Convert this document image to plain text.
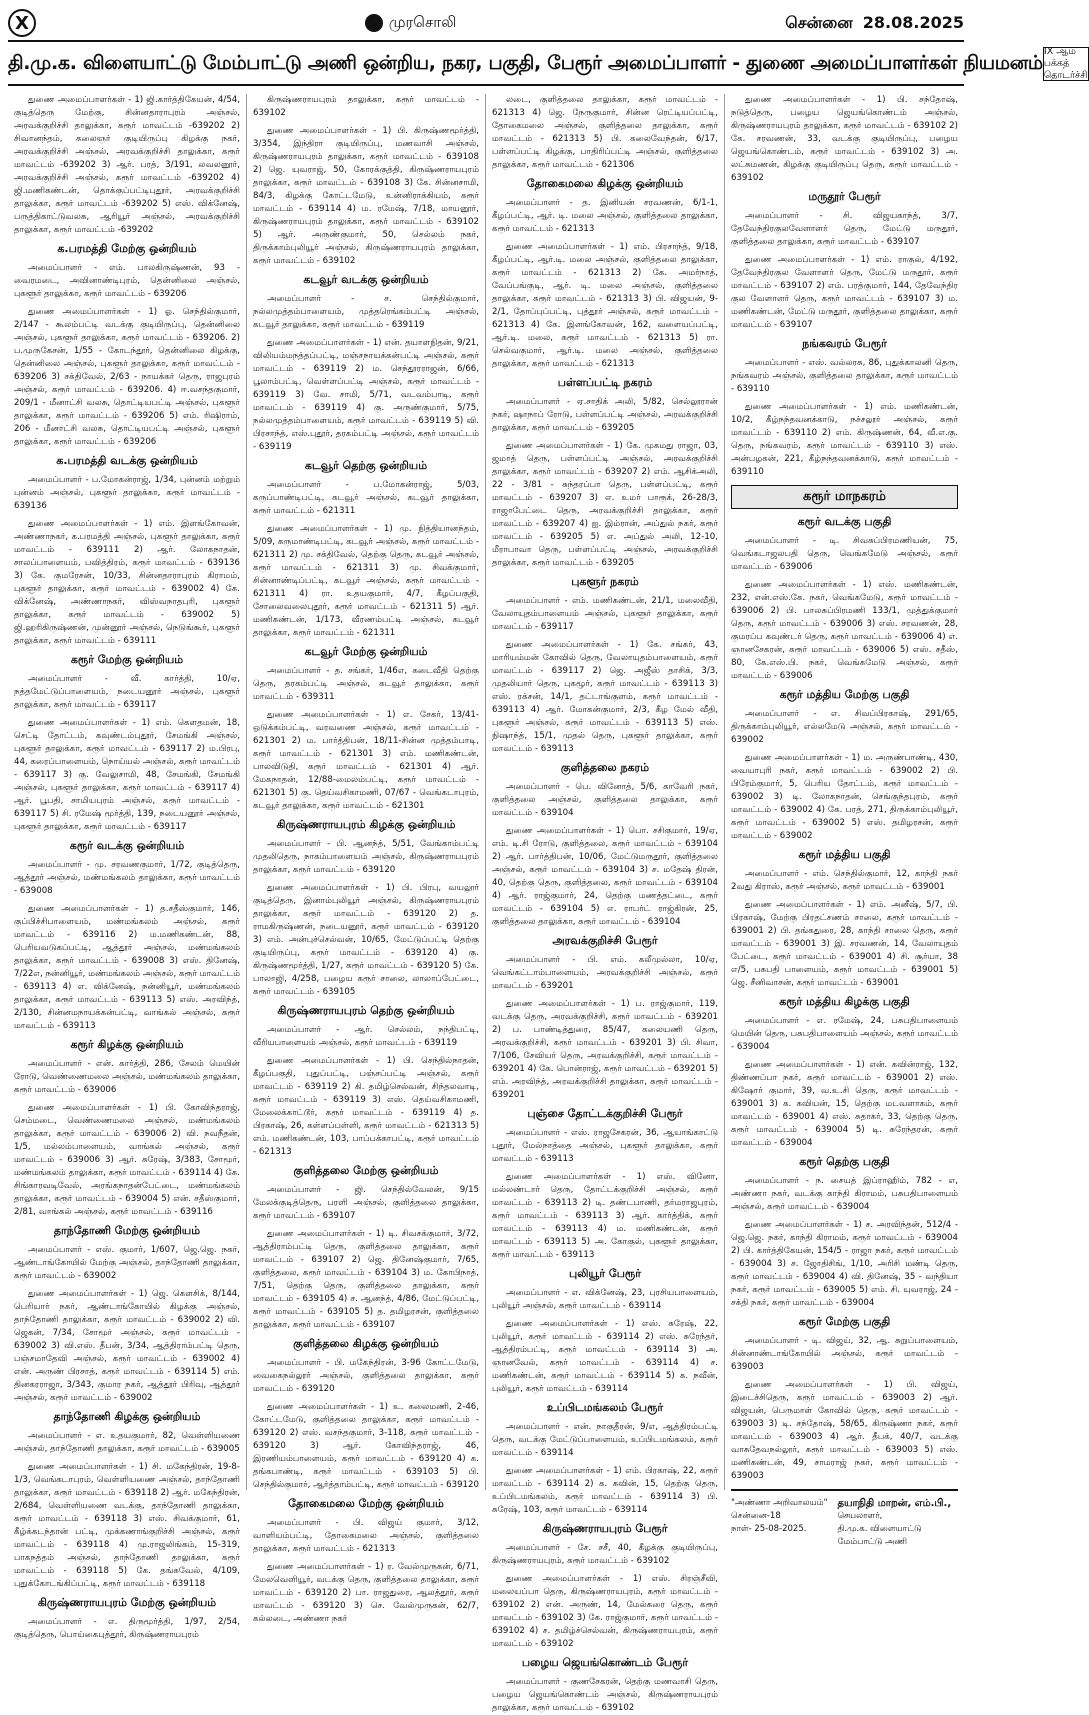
X	முரசொலி	சென்னை 28.08.2025
தி.மு.க. விளையாட்டு மேம்பாட்டு அணி ஒன்றிய, நகர, பகுதி, பேரூர் அமைப்பாளர் - துணை அமைப்பாளர்கள் நியமனம் IX ஆம் பக்கத்
தொடர்ச்சி

துணை அமைப்பாளர்கள் - 1) ஜி.கார்த்திகேயன், 4/54, குடித்தெரு மேற்கு, சின்னதாராபுரம் அஞ்சல், அரவக்குறிச்சி தாலுக்கா, கரூர் மாவட்டம் -639202 2) சிவானந்தம், கலைஞர் குடியிருப்பு கிழக்கு நகர், அரவக்குறிச்சி அஞ்சல், அரவக்குறிச்சி தாலுக்கா, கரூர் மாவட்டம் -639202 3) ஆர். பரத், 3/191, லவலனூர், அரவக்குறிச்சி அஞ்சல், கரூர் மாவட்டம் -639202 4) ஜி.மணிகண்டன், தொக்குப்பட்டிபுதூர், அரவக்குறிச்சி தாலுக்கா, கரூர் மாவட்டம் -639202 5) எஸ். விக்னேஷ், பருத்திகாட்டுவலசு, ஆரியூர் அஞ்சல், அரவக்குறிச்சி தாலுக்கா, கரூர் மாவட்டம் -639202

க.பரமத்தி மேற்கு ஒன்றியம்

அமைப்பாளர் - எம். பாலகிருஷ்ணன், 93 - வைரமடை, அவினாண்டிபுரம், தென்னிலை அஞ்சல், புகளூர் தாலுக்கா, கரூர் மாவட்டம் - 639206

துணை அமைப்பாளர்கள் - 1) ஓ. செந்தில்குமார், 2/147 - கூலம்பட்டி வடக்கு குடியிருப்பு, தென்னிலை அஞ்சல், புகளூர் தாலுக்கா, கரூர் மாவட்டம் - 639206. 2) ப.முருகேசன், 1/55 - கோடந்தூர், தென்னிலை கிழக்கு, தென்னிலை அஞ்சல், புகளூர் தாலுக்கா, கரூர் மாவட்டம் - 639206 3) சக்திவேல், 2/63 - நாயக்கர் தெரு, ராஜபுரம் அஞ்சல், கரூர் மாவட்டம் - 639206. 4) ஈ.வசந்தகுமார், 209/1 - மீனாட்சி வலசு, தொட்டியபட்டி அஞ்சல், புகளூர் தாலுக்கா, கரூர் மாவட்டம் - 639206 5) எம். ரிஷிராம், 206 - மீனாட்சி வலசு, தொட்டியபட்டி அஞ்சல், புகளூர் தாலுக்கா, கரூர் மாவட்டம் - 639206

க.பரமத்தி வடக்கு ஒன்றியம்

அமைப்பாளர் - ப.மோகன்ராஜ், 1/34, புன்னம் மற்றும் புன்னம் அஞ்சல், புகளூர் தாலுக்கா, கரூர் மாவட்டம் - 639136

துணை அமைப்பாளர்கள் - 1) எம். இளங்கோவன், அண்ணாநகர், க.பரமத்தி அஞ்சல், புகளூர் தாலுக்கா, கரூர் மாவட்டம் - 639111 2) ஆர். லோகநாதன், சாலப்பாளையம், பவித்திரம், கரூர் மாவட்டம் - 639136 3) கே. குமரேசன், 10/33, சின்னதாராபுரம் கிராமம், புகளூர் தாலுக்கா, கரூர் மாவட்டம் - 639002 4) கே. விக்னேஷ், அண்ணாநகர், விஸ்வநாதபுரி, புகளூர் தாலுக்கா, கரூர் மாவட்டம் - 639002 5) ஜி.ஹரிகிருஷ்ணன், முன்னூர் அஞ்சல், நெடுங்கூர், புகளூர் தாலுக்கா, கரூர் மாவட்டம் - 639111

கரூர் மேற்கு ஒன்றியம்

அமைப்பாளர் - வீ. கார்த்தி, 10/ஏ, நத்தமேட்டுப்பாளையம், நடையனூர் அஞ்சல், புகளூர் தாலுக்கா, கரூர் மாவட்டம் - 639117

துணை அமைப்பாளர்கள் - 1) எம். கௌதமன், 18, செட்டி தோட்டம், கவுண்டம்புதூர், சேமங்கி அஞ்சல், புகளூர் தாலுக்கா, கரூர் மாவட்டம் - 639117 2) ம.பிரபு, 44, கரைப்பாளையம், நொய்யல் அஞ்சல், கரூர் மாவட்டம் - 639117 3) கு. வேலுசாமி, 48, சேமங்கி, சேமங்கி அஞ்சல், புகளூர் தாலுக்கா, கரூர் மாவட்டம் - 639117 4) ஆர். பூபதி, சாமியபுரம் அஞ்சல், கரூர் மாவட்டம் - 639117 5) சி. ரமேஷ் மூர்த்தி, 139, நடையனூர் அஞ்சல், புகளூர் தாலுக்கா, கரூர் மாவட்டம் - 639117

கரூர் வடக்கு ஒன்றியம்

அமைப்பாளர் - மு. சரவணகுமார், 1/72, குடித்தெரு, ஆத்தூர் அஞ்சல், மண்மங்கலம் தாலுக்கா, கரூர் மாவட்டம் - 639008

துணை அமைப்பாளர்கள் - 1) த.சதீஸ்குமார், 146, குப்பிச்சிபாளையம், மண்மங்கலம் அஞ்சல், கரூர் மாவட்டம் - 639116 2) ம.மணிகண்டன், 88, பெரியவடுகப்பட்டி, ஆத்தூர் அஞ்சல், மண்மங்கலம் தாலுக்கா, கரூர் மாவட்டம் - 639008 3) எஸ். தினேஷ், 7/22எ, நன்னியூர், மண்மங்கலம் அஞ்சல், கரூர் மாவட்டம் - 639113 4) எ. விக்னேஷ், நன்னியூர், மண்மங்கலம் தாலுக்கா, கரூர் மாவட்டம் - 639113 5) எஸ். அரவிந்த், 2/130, சின்னமநாயக்கன்பட்டி, வாங்கல் அஞ்சல், கரூர் மாவட்டம் - 639113

கரூர் கிழக்கு ஒன்றியம்

அமைப்பாளர் - என். கார்த்தி, 286, சேலம் மெயின் ரோடு, வெண்ணைமலை அஞ்சல், மண்மங்கலம் தாலுக்கா, கரூர் மாவட்டம் - 639006

துணை அமைப்பாளர்கள் - 1) பி. கோவிந்தராஜ், செம்மடை, வெண்ணைமலை அஞ்சல், மண்மங்கலம் தாலுக்கா, கரூர் மாவட்டம் - 639006 2) வி. நவநீதன், 1/5, மல்லம்பாளையம், வாங்கல் அஞ்சல், கரூர் மாவட்டம் - 639006 3) ஆர். சுரேஷ், 3/383, சோமூர், மண்மங்கலம் தாலுக்கா, கரூர் மாவட்டம் - 639114 4) கே. சிங்காரவடிவேல், அரங்கநாதன்பேட்டை, மண்மங்கலம் தாலுக்கா, கரூர் மாவட்டம் - 639004 5) என். சதீஸ்குமார், 2/81, வாங்கல் அஞ்சல், கரூர் மாவட்டம் - 639116

தாந்தோணி மேற்கு ஒன்றியம்

அமைப்பாளர் - எஸ். குமார், 1/607, ஜெ.ஜெ. நகர், ஆண்டாங்கோயில் மேற்கு அஞ்சல், தாந்தோணி தாலுக்கா, கரூர் மாவட்டம் - 639002

துணை அமைப்பாளர்கள் - 1) ஜெ. கௌசிக், 8/144, பெரியார் நகர், ஆண்டாங்கோயில் கிழக்கு அஞ்சல், தாந்தோணி தாலுக்கா, கரூர் மாவட்டம் - 639002 2) வி. ஜெகன், 7/34, சோமூர் அஞ்சல், கரூர் மாவட்டம் - 639002 3) வி.எஸ். தீபன், 3/34, ஆத்திராம்பட்டி தெரு, பஞ்சமாதேவி அஞ்சல், கரூர் மாவட்டம் - 639002 4) என். அருண் பிரசாத், கரூர் மாவட்டம் - 639114 5) எம். தினகரராஜா, 3/343, குமார நகர், ஆத்தூர் பிரிவு, ஆத்தூர் அஞ்சல், கரூர் மாவட்டம் - 639002

தாந்தோணி கிழக்கு ஒன்றியம்

அமைப்பாளர் - எ. உதயகுமார், 82, வெள்ளியணை அஞ்சல், தாந்தோணி தாலுக்கா, கரூர் மாவட்டம் - 639005

துணை அமைப்பாளர்கள் - 1) சி. மகேந்திரன், 19-8-1/3, வெங்கடாபுரம், வெள்ளியணை அஞ்சல், தாந்தோணி தாலுக்கா, கரூர் மாவட்டம் - 639118 2) ஆர். மகேந்திரன், 2/684, வெள்ளியணை வடக்கு, தாந்தோணி தாலுக்கா, கரூர் மாவட்டம் - 639118 3) எஸ். சிவக்குமார், 61, கீழ்க்கடந்தான் பட்டி, முக்கணாங்குறிச்சி அஞ்சல், கரூர் மாவட்டம் - 639118 4) மு.ராஜலிங்கம், 15-319, பாகநத்தம் அஞ்சல், தாந்தோணி தாலுக்கா, கரூர் மாவட்டம் - 639118 5) கே. தங்கவேல், 4/109, புதுக்கோடங்கிப்பட்டி, கரூர் மாவட்டம் - 639118

கிருஷ்ணராயபுரம் மேற்கு ஒன்றியம்

அமைப்பாளர் - எ. திருமூர்த்தி, 1/97, 2/54, குடித்தெரு, பொய்கைபுத்தூர், கிருஷ்ணராயபுரம்

கிருஷ்ணராயபுரம் தாலுக்கா, கரூர் மாவட்டம் - 639102

துணை அமைப்பாளர்கள் - 1) பி. கிருஷ்ணமூர்த்தி, 3/354, இந்திரா குடியிருப்பு, மணவாசி அஞ்சல், கிருஷ்ணராயபுரம் தாலுக்கா, கரூர் மாவட்டம் - 639108 2) ஜெ. யுவராஜ், 50, கோரக்குத்தி, கிருஷ்ணராயபுரம் தாலுக்கா, கரூர் மாவட்டம் - 639108 3) கே. சின்னசாமி, 84/3, கிழக்கு கோட்டமேடு, உன்னிராக்கியம், கரூர் மாவட்டம் - 639114 4) ம. ரமேஷ், 7/18, மாயனூர், கிருஷ்ணராயபுரம் தாலுக்கா, கரூர் மாவட்டம் - 639102 5) ஆர். அருண்குமார், 50, செல்லம் நகர், திருக்காம்புலியூர் அஞ்சல், கிருஷ்ணராயபுரம் தாலுக்கா, கரூர் மாவட்டம் - 639102

கடவூர் வடக்கு ஒன்றியம்

அமைப்பாளர் - ச. செந்தில்குமார், நல்லமுத்தம்பாளையம், முத்தரெங்கம்பட்டி அஞ்சல், கடவூர் தாலுக்கா, கரூர் மாவட்டம் - 639119

துணை அமைப்பாளர்கள் - 1) என். தயாளநிதன், 9/21, விலியம்மநத்தப்பட்டி, மஞ்சநாயக்கன்பட்டி அஞ்சல், கரூர் மாவட்டம் - 639119 2) ம. செந்தூரராஜன், 6/66, பூலாம்பட்டி, வெள்ளப்பட்டி அஞ்சல், கரூர் மாவட்டம் - 639119 3) வே. சாமி, 5/71, வடவம்பாடி, கரூர் மாவட்டம் - 639119 4) கு. அருண்குமார், 5/75, நல்லமுத்தம்பாளையம், கரூர் மாவட்டம் - 639119 5) வி. பிரசாந்த், எஸ்.புதூர், தரகம்பட்டி அஞ்சல், கரூர் மாவட்டம் - 639119

கடவூர் தெற்கு ஒன்றியம்

அமைப்பாளர் - ப.மோகன்ராஜ், 5/03, கருப்பாண்டிபட்டி, கடவூர் அஞ்சல், கடவூர் தாலுக்கா, கரூர் மாவட்டம் - 621311

துணை அமைப்பாளர்கள் - 1) மு. நித்தியானந்தம், 5/09, கருமாண்டிபட்டி, கடவூர் அஞ்சல், கரூர் மாவட்டம் - 621311 2) மு. சக்திவேல், தெற்கு தெரு, கடவூர் அஞ்சல், கரூர் மாவட்டம் - 621311 3) மு. சிவக்குமார், சின்னாண்டிப்பட்டி, கடவூர் அஞ்சல், கரூர் மாவட்டம் - 621311 4) ரா. உதயகுமார், 4/7, கீழப்பகுதி, சோலைவலைபுதூர், கரூர் மாவட்டம் - 621311 5) ஆர். மணிகண்டன், 1/173, வீரணம்பட்டி அஞ்சல், கடவூர் தாலுக்கா, கரூர் மாவட்டம் - 621311

கடவூர் மேற்கு ஒன்றியம்

அமைப்பாளர் - த. சங்கர், 1/46எ, கடைவீதி தெற்கு தெரு, தரகம்பட்டி அஞ்சல், கடவூர் தாலுக்கா, கரூர் மாவட்டம் - 639311

துணை அமைப்பாளர்கள் - 1) எ. சேகர், 13/41-ஒடுக்கம்பட்டி, வரவணை அஞ்சல், கரூர் மாவட்டம் - 621301 2) ம. பார்த்திபன், 18/11-சின்ன முத்தம்பாடி, கரூர் மாவட்டம் - 621301 3) எம். மணிகண்டன், பாலவிடுதி, கரூர் மாவட்டம் - 621301 4) ஆர். மேகநாதன், 12/88-மைலம்பட்டி, கரூர் மாவட்டம் - 621301 5) கு. தெய்வசிகாமணி, 07/67 - வெங்கடாபுரம், கடவூர் தாலுக்கா, கரூர் மாவட்டம் - 621301

கிருஷ்ணராயபுரம் கிழக்கு ஒன்றியம்

அமைப்பாளர் - பி. ஆனந்த், 5/51, வேங்காம்பட்டி முதலிதெரு, நாகம்பாளையம் அஞ்சல், கிருஷ்ணராயபுரம் தாலுக்கா, கரூர் மாவட்டம் - 639120

துணை அமைப்பாளர்கள் - 1) பி. பிரபு, வயலூர் குடித்தெரு, இனாம்புலியூர் அஞ்சல், கிருஷ்ணராயபுரம் தாலுக்கா, கரூர் மாவட்டம் - 639120 2) த. ராமகிருஷ்ணன், நடையனூர், கரூர் மாவட்டம் - 639120 3) எம். அன்புச்செல்வன், 10/65, மேட்டுப்பட்டி தெற்கு குடியிருப்பு, கரூர் மாவட்டம் - 639120 4) கு. கிருஷ்ணமூர்த்தி, 1/27, கரூர் மாவட்டம் - 639120 5) கே. பாலாஜி, 4/258, பழைய கரூர் சாலை, லாலாப்பேட்டை, கரூர் மாவட்டம் - 639105

கிருஷ்ணராயபுரம் தெற்கு ஒன்றியம்

அமைப்பாளர் - ஆர். செல்லம், நந்திபட்டி, வீரியபாளையம் அஞ்சல், கரூர் மாவட்டம் - 639119

துணை அமைப்பாளர்கள் - 1) பி. செந்தில்நாதன், கீழப்பகுதி, புதுப்பட்டி, பஞ்சப்பட்டி அஞ்சல், கரூர் மாவட்டம் - 639119 2) கி. தமிழ்செல்வன், சிந்தலவாடி, கரூர் மாவட்டம் - 639119 3) எஸ். தெய்வசிகாமணி, மேலைக்காட்டூர், கரூர் மாவட்டம் - 639119 4) த. பிரகாஷ், 26, கள்ளப்பள்ளி, கரூர் மாவட்டம் - 621313 5) எம். மணிகண்டன், 103, பாப்பக்காபட்டி, கரூர் மாவட்டம் - 621313

குளித்தலை மேற்கு ஒன்றியம்

அமைப்பாளர் - ஜி. செந்தில்வேலன், 9/15 மேலக்குடித்தெரு, பரளி அஞ்சல், குளித்தலை தாலுக்கா, கரூர் மாவட்டம் - 639107

துணை அமைப்பாளர்கள் - 1) டி. சிவசக்குமார், 3/72, ஆத்திராம்பட்டி தெரு, குளித்தலை தாலுக்கா, கரூர் மாவட்டம் - 639107 2) ஜெ. தினேஷ்குமார், 7/65, குளித்தலை, கரூர் மாவட்டம் - 639104 3) ம. கோபிநாத், 7/51, தெற்கு தெரு, குளித்தலை தாலுக்கா, கரூர் மாவட்டம் - 639105 4) ச. ஆனந்த், 4/86, மேட்டுப்பட்டி, கரூர் மாவட்டம் - 639105 5) த. தமிழரசன், குளித்தலை தாலுக்கா, கரூர் மாவட்டம் - 639107

குளித்தலை கிழக்கு ஒன்றியம்

அமைப்பாளர் - பி. மகேந்திரன், 3-96 கோட்டமேடு, வைகைநல்லூர் அஞ்சல், குளித்தலை தாலுக்கா, கரூர் மாவட்டம் - 639120

துணை அமைப்பாளர்கள் - 1) உ. கலைமணி, 2-46, கோட்டமேடு, குளித்தலை தாலுக்கா, கரூர் மாவட்டம் - 639120 2) எஸ். வசந்தகுமார், 3-118, கரூர் மாவட்டம் - 639120 3) ஆர். கோவிந்தராஜ், 46, இரணியம்பாளையம், கரூர் மாவட்டம் - 639120 4) க. தங்கபாண்டி, கரூர் மாவட்டம் - 639103 5) பி. செந்தில்குமார், ஆர்த்தாம்பட்டி, கரூர் மாவட்டம் - 639120

தோகைமலை மேற்கு ஒன்றியம்

அமைப்பாளர் - பி. விஜய் குமார், 3/12, வாளியம்பட்டி, தோகைமலை அஞ்சல், குளித்தலை தாலுக்கா, கரூர் மாவட்டம் - 621313

துணை அமைப்பாளர்கள் - 1) ர. வேல்முருகன், 6/71, மேலவெளியூர், வடக்கு தெரு, குளித்தலை தாலுக்கா, கரூர் மாவட்டம் - 639120 2) பா. ராஜதுரை, ஆலத்தூர், கரூர் மாவட்டம் - 639120 3) செ. வேல்முருகன், 62/7, கல்லடை, அண்ணா நகர்

லடை, குளித்தலை தாலுக்கா, கரூர் மாவட்டம் - 621313 4) ஜெ. நேருகுமார், சின்ன ரெட்டியப்பட்டி, தோகைமலை அஞ்சல், குளித்தலை தாலுக்கா, கரூர் மாவட்டம் - 621313 5) பி. கலைவேந்தன், 6/17, பள்ளப்பட்டி கிழக்கு, பாதிரிப்பட்டி அஞ்சல், குளித்தலை தாலுக்கா, கரூர் மாவட்டம் - 621306

தோகைமலை கிழக்கு ஒன்றியம்

அமைப்பாளர் - த. இனியன் சரவணன், 6/1-1, கீழப்பட்டி, ஆர். டி. மலை அஞ்சல், குளித்தலை தாலுக்கா, கரூர் மாவட்டம் - 621313

துணை அமைப்பாளர்கள் - 1) எம். பிரசாந்த், 9/18, கீழப்பட்டி, ஆர்.டி. மலை அஞ்சல், குளித்தலை தாலுக்கா, கரூர் மாவட்டம் - 621313 2) கே. அமர்நாத், வேப்பங்குடி, ஆர். டி. மலை அஞ்சல், குளித்தலை தாலுக்கா, கரூர் மாவட்டம் - 621313 3) பி. விஜயன், 9-2/1, தோப்புப்பட்டி, புத்தூர் அஞ்சல், கரூர் மாவட்டம் - 621313 4) கே. இளங்கோவன், 162, வளையப்பட்டி, ஆர்.டி. மலை, கரூர் மாவட்டம் - 621313 5) ரா. செல்வகுமார், ஆர்.டி. மலை அஞ்சல், குளித்தலை தாலுக்கா, கரூர் மாவட்டம் - 621313

பள்ளப்பட்டி நகரம்

அமைப்பாளர் - ஏ.சாதிக் அலி, 5/82, செல்லூரான் நகர், ஷாநாப் ரோடு, பள்ளப்பட்டி அஞ்சல், அரவக்குறிச்சி தாலுக்கா, கரூர் மாவட்டம் - 639205

துணை அமைப்பாளர்கள் - 1) கே. முகமது ராஜா, 03, ஜமாத் தெரு, பள்ளப்பட்டி அஞ்சல், அரவக்குறிச்சி தாலுக்கா, கரூர் மாவட்டம் - 639207 2) எம். ஆசிக்அலி, 22 - 3/81 - சுந்தரப்பா தெரு, பள்ளப்பட்டி, கரூர் மாவட்டம் - 639207 3) எ. உமர் பாரூக், 26-28/3, ராஜாபேட்டை தெரு, அரவக்குறிச்சி தாலுக்கா, கரூர் மாவட்டம் - 639207 4) ஐ. இம்ரான், அப்துல் நகர், கரூர் மாவட்டம் - 639205 5) எ. அப்துல் அலி, 12-10, மீராபாவா தெரு, பள்ளப்பட்டி அஞ்சல், அரவக்குறிச்சி தாலுக்கா, கரூர் மாவட்டம் - 639205

புகளூர் நகரம்

அமைப்பாளர் - எம். மணிகண்டன், 21/1, மலைவீதி, வேலாயுதம்பாளையம் அஞ்சல், புகளூர் தாலுக்கா, கரூர் மாவட்டம் - 639117

துணை அமைப்பாளர்கள் - 1) கே. சங்கர், 43, மாரியம்மன் கோவில் தெரு, வேலாயுதம்பாளையம், கரூர் மாவட்டம் - 639117 2) ஜெ. அஜீஸ் தாசிக், 3/3, முதலியார் தெரு, புகழூர், கரூர் மாவட்டம் - 639113 3) எஸ். ரக்சன், 14/1, தட்டாங்குளம், கரூர் மாவட்டம் - 639113 4) ஆர். மோகன்குமார், 2/3, கீழ மேல் வீதி, புகளூர் அஞ்சல், கரூர் மாவட்டம் - 639113 5) எஸ். நிஷாந்த், 15/1, முதல் தெரு, புகளூர் தாலுக்கா, கரூர் மாவட்டம் - 639113

குளித்தலை நகரம்

அமைப்பாளர் - பெ. வினோத், 5/6, காவேரி நகர், குளித்தலை அஞ்சல், குளித்தலை தாலுக்கா, கரூர் மாவட்டம் - 639104

துணை அமைப்பாளர்கள் - 1) பொ. சசிகுமார், 19/ஏ, எம். டி.சி ரோடு, குளித்தலை, கரூர் மாவட்டம் - 639104 2) ஆர். பார்த்திபன், 10/06, மேட்டுமருதூர், குளித்தலை அஞ்சல், கரூர் மாவட்டம் - 639104 3) ச. மதேஷ் திரன், 40, தெற்கு தெரு, குளித்தலை, கரூர் மாவட்டம் - 639104 4) ஆர். ராஜ்குமார், 24, தெற்கு மணத்தட்டை, கரூர் மாவட்டம் - 639104 5) எ. ராபர்ட் ராஜ்கிரன், 25, குளித்தலை தாலுக்கா, கரூர் மாவட்டம் - 639104

அரவக்குறிச்சி பேரூர்

அமைப்பாளர் - பி. எம். கலீமுல்லா, 10/ஏ, வெங்கட்டாம்பாளையம், அரவக்குறிச்சி அஞ்சல், கரூர் மாவட்டம் - 639201

துணை அமைப்பாளர்கள் - 1) ப. ராஜ்குமார், 119, வடக்கு தெரு, அரவக்குறிச்சி, கரூர் மாவட்டம் - 639201 2) ப. பாண்டித்துரை, 85/47, கலையணி தெரு, அரவக்குறிச்சி, கரூர் மாவட்டம் - 639201 3) பி. சிவா, 7/106, சேவியர் தெரு, அரவக்குறிச்சி, கரூர் மாவட்டம் - 639201 4) கே. பொன்ராஜ், கரூர் மாவட்டம் - 639201 5) எம். அரவிந்த், அரவக்குறிச்சி தாலுக்கா, கரூர் மாவட்டம் - 639201

புஞ்சை தோட்டக்குறிச்சி பேரூர்

அமைப்பாளர் - எஸ். ராஜசேகரன், 36, ஆயாங்காட்டு புதூர், மேல்நாத்தை அஞ்சல், புகளூர் தாலுக்கா, கரூர் மாவட்டம் - 639113

துணை அமைப்பாளர்கள் - 1) எஸ். வினோ, மல்லண்டார் தெரு, தோட்டக்குறிச்சி அஞ்சல், கரூர் மாவட்டம் - 639113 2) டி. தண்டபாணி, தர்மராஜபுரம், கரூர் மாவட்டம் - 639113 3) ஆர். கார்த்திக், கரூர் மாவட்டம் - 639113 4) ம. மணிகண்டன், கரூர் மாவட்டம் - 639113 5) அ. கோகுல், புகளூர் தாலுக்கா, கரூர் மாவட்டம் - 639113

புலியூர் பேரூர்

அமைப்பாளர் - எ. விக்னேஷ், 23, புரசியபாளையம், புலியூர் அஞ்சல், கரூர் மாவட்டம் - 639114

துணை அமைப்பாளர்கள் - 1) எஸ். சுரேஷ், 22, புலியூர், கரூர் மாவட்டம் - 639114 2) எஸ். சுரேந்தர், ஆத்திரம்பட்டி, கரூர் மாவட்டம் - 639114 3) அ. ஞானவேல், கரூர் மாவட்டம் - 639114 4) ச. மணிகண்டன், கரூர் மாவட்டம் - 639114 5) க. நவீன், புலியூர், கரூர் மாவட்டம் - 639114

உப்பிடமங்கலம் பேரூர்

அமைப்பாளர் - என். நாகுதீரன், 9/எ, ஆத்திரம்பட்டி தெரு, வடக்கு மேட்டுப்பாளையம், உப்பிடமங்கலம், கரூர் மாவட்டம் - 639114

துணை அமைப்பாளர்கள் - 1) எம். பிரகாஷ், 22, கரூர் மாவட்டம் - 639114 2) க. கவின், 15, தெற்கு தெரு, உப்பிடமங்கலம், கரூர் மாவட்டம் - 639114 3) பி. சுரேஷ், 103, கரூர் மாவட்டம் - 639114

கிருஷ்ணராயபுரம் பேரூர்

அமைப்பாளர் - சே. சசீ, 40, கீழக்கு குடியிருப்பு, கிருஷ்ணராயபுரம், கரூர் மாவட்டம் - 639102

துணை அமைப்பாளர்கள் - 1) எஸ். சிரஞ்சீவி, மலையப்பா தெரு, கிருஷ்ணராயபுரம், கரூர் மாவட்டம் - 639102 2) என். அருண், 14, மேல்கரை தெரு, கரூர் மாவட்டம் - 639102 3) கே. ராஜ்குமார், கரூர் மாவட்டம் - 639102 4) ச. தமிழ்ச்செல்வன், கிருஷ்ணராயபுரம், கரூர் மாவட்டம் - 639102

பழைய ஜெயங்கொண்டம் பேரூர்

அமைப்பாளர் - குணசேகரன், தெற்கு மணவாசி தெரு, பழைய ஜெயங்கொண்டம் அஞ்சல், கிருஷ்ணராயபுரம் தாலுக்கா, கரூர் மாவட்டம் - 639102

துணை அமைப்பாளர்கள் - 1) பி. சந்தோஷ், நடுத்தெரு, பழைய ஜெயங்கொண்டம் அஞ்சல், கிருஷ்ணராயபுரம் தாலுக்கா, கரூர் மாவட்டம் - 639102 2) கே. சரவணன், 33, வடக்கு குடியிருப்பு, பழைய ஜெயங்கொண்டம், கரூர் மாவட்டம் - 639102 3) அ. லட்சுமணன், கிழக்கு குடியிருப்பு தெரு, கரூர் மாவட்டம் - 639102

மருதூர் பேரூர்

அமைப்பாளர் - சி. விஜயகாந்த், 3/7, தேவேந்திரகுலவேளாளர் தெரு, மேட்டு மருதூர், குளித்தலை தாலுக்கா, கரூர் மாவட்டம் - 639107

துணை அமைப்பாளர்கள் - 1) எம். ராகுல், 4/192, தேவேந்திரகுல வேளாளர் தெரு, மேட்டு மருதூர், கரூர் மாவட்டம் - 639107 2) எம். பரத்குமார், 144, தேவேந்திர குல வேளாளர் தெரு, கரூர் மாவட்டம் - 639107 3) ம. மணிகண்டன், மேட்டு மருதூர், குளித்தலை தாலுக்கா, கரூர் மாவட்டம் - 639107

நங்கவரம் பேரூர்

அமைப்பாளர் - எஸ். வல்லரசு, 86, புதுக்காலனி தெரு, நங்கவரம் அஞ்சல், குளித்தலை தாலுக்கா, கரூர் மாவட்டம் - 639110

துணை அமைப்பாளர்கள் - 1) எம். மணிகண்டன், 10/2, கீழ்நந்தவனக்காடு, நச்சலூர் அஞ்சல், கரூர் மாவட்டம் - 639110 2) எம். கிருஷ்ணன், 64, வீ.எ.கு. தெரு, நங்கவரம், கரூர் மாவட்டம் - 639110 3) எஸ். அன்பழகன், 221, கீழ்நந்தவனக்காடு, கரூர் மாவட்டம் - 639110

கரூர் மாநகரம்
கரூர் வடக்கு பகுதி

அமைப்பாளர் - டி. சிவசுப்பிரமணியன், 75, வெங்கடாஜலபதி தெரு, வெங்கமேடு அஞ்சல், கரூர் மாவட்டம் - 639006

துணை அமைப்பாளர்கள் - 1) எஸ். மணிகண்டன், 232, என்.எஸ்.கே. நகர், வெங்கமேடு, கரூர் மாவட்டம் - 639006 2) பி. பாலசுப்பிரமணி 133/1, முத்துக்குமார் தெரு, கரூர் மாவட்டம் - 639006 3) எஸ். சரவணன், 28, குமரப்ப கவுண்டர் தெரு, கரூர் மாவட்டம் - 639006 4) எ. ஞானசேகரன், கரூர் மாவட்டம் - 639006 5) எஸ். சதீஸ், 80, கே.எஸ்.பி. நகர், வெங்கமேடு அஞ்சல், கரூர் மாவட்டம் - 639006

கரூர் மத்திய மேற்கு பகுதி

அமைப்பாளர் - எ. சிவப்பிரகாஷ், 291/65, திருக்காம்புலியூர், எல்லமேடு அஞ்சல், கரூர் மாவட்டம் - 639002

துணை அமைப்பாளர்கள் - 1) ம. அருண்பாண்டி, 430, வையாபுரி நகர், கரூர் மாவட்டம் - 639002 2) பி. பிரேம்குமார், 5, பெரிய தோட்டம், கரூர் மாவட்டம் - 639002 3) டி. லோகநாதன், செங்குந்தபுரம், கரூர் மாவட்டம் - 639002 4) கே. பரத், 271, திருக்காம்புலியூர், கரூர் மாவட்டம் - 639002 5) எஸ். தமிழரசன், கரூர் மாவட்டம் - 639002

கரூர் மத்திய பகுதி

அமைப்பாளர் - எம். செந்தில்குமார், 12, காந்தி நகர் 2வது கிராஸ், கரூர் அஞ்சல், கரூர் மாவட்டம் - 639001

துணை அமைப்பாளர்கள் - 1) எம். அனீஷ், 5/7, பி. பிரகாஷ், மேற்கு பிரதட்சணம் சாலை, கரூர் மாவட்டம் - 639001 2) பி. தங்கதுரை, 28, காந்தி சாலை தெரு, கரூர் மாவட்டம் - 639001 3) இ. சரவணன், 14, வேலாயுதம் பேட்டை, கரூர் மாவட்டம் - 639001 4) சி. சூர்யா, 38 எ/5, பசுபதி பாளையம், கரூர் மாவட்டம் - 639001 5) ஜெ. சீனிவாசன், கரூர் மாவட்டம் - 639001

கரூர் மத்திய கிழக்கு பகுதி

அமைப்பாளர் - எ. ரமேஷ், 24, பசுபதிபாளையம் மெயின் தெரு, பசுபதிபாளையம் அஞ்சல், கரூர் மாவட்டம் - 639004

துணை அமைப்பாளர்கள் - 1) என். கவின்ராஜ், 132, திண்ணப்பா நகர், கரூர் மாவட்டம் - 639001 2) எஸ். கிஷோர் குமார், 39, வ.உ.சி தெரு, கரூர் மாவட்டம் - 639001 3) க. கவியன், 15, தெற்கு மடவளாகம், கரூர் மாவட்டம் - 639001 4) எஸ். சுதாகர், 33, தெற்கு தெரு, கரூர் மாவட்டம் - 639004 5) டி. சுரேந்தரன், கரூர் மாவட்டம் - 639004

கரூர் தெற்கு பகுதி

அமைப்பாளர் - ந. சையத் இப்ராஹிம், 782 - எ, அண்ணா நகர், வடக்கு காந்தி கிராமம், பசுபதிபாளையம் அஞ்சல், கரூர் மாவட்டம் - 639004

துணை அமைப்பாளர்கள் - 1) ச. அரவிந்தன், 512/4 - ஜெ.ஜெ. நகர், காந்தி கிராமம், கரூர் மாவட்டம் - 639004 2) பி. கார்த்திகேயன், 154/5 - ராஜா நகர், கரூர் மாவட்டம் - 639004 3) ச. ஜோதிசிங், 1/10, அரிசி மண்டி தெரு, கரூர் மாவட்டம் - 639004 4) வி. தினேஷ், 35 - வந்தியா நகர், கரூர் மாவட்டம் - 639005 5) எம். சி. யுவராஜ், 24 - சக்தி நகர், கரூர் மாவட்டம் - 639004

கரூர் மேற்கு பகுதி

அமைப்பாளர் - டி. விஜய், 32, ஆ. சுறுப்பாளையம், சின்னாண்டாங்கோயில் அஞ்சல், கரூர் மாவட்டம் - 639003

துணை அமைப்பாளர்கள் - 1) பி. விஜய், இடைச்சிதெரு, கரூர் மாவட்டம் - 639003 2) ஆர். விஜயன், பெருமாள் கோவில் தெரு, கரூர் மாவட்டம் - 639003 3) டி. சந்தோஷ், 58/65, கிருஷ்ணா நகர், கரூர் மாவட்டம் - 639003 4) ஆர். தீபக், 40/7, வடக்கு வாசுதேவநல்லூர், கரூர் மாவட்டம் - 639003 5) எஸ். மணிகண்டன், 49, சாமராஜ் நகர், கரூர் மாவட்டம் - 639003

"அண்ணா அறிவாலயம்"
சென்னை-18
நாள்- 25-08-2025.
தயாநிதி மாறன், எம்.பி.,
செயலாளர்,
தி.மு.க. விளையாட்டு மேம்பாட்டு அணி
